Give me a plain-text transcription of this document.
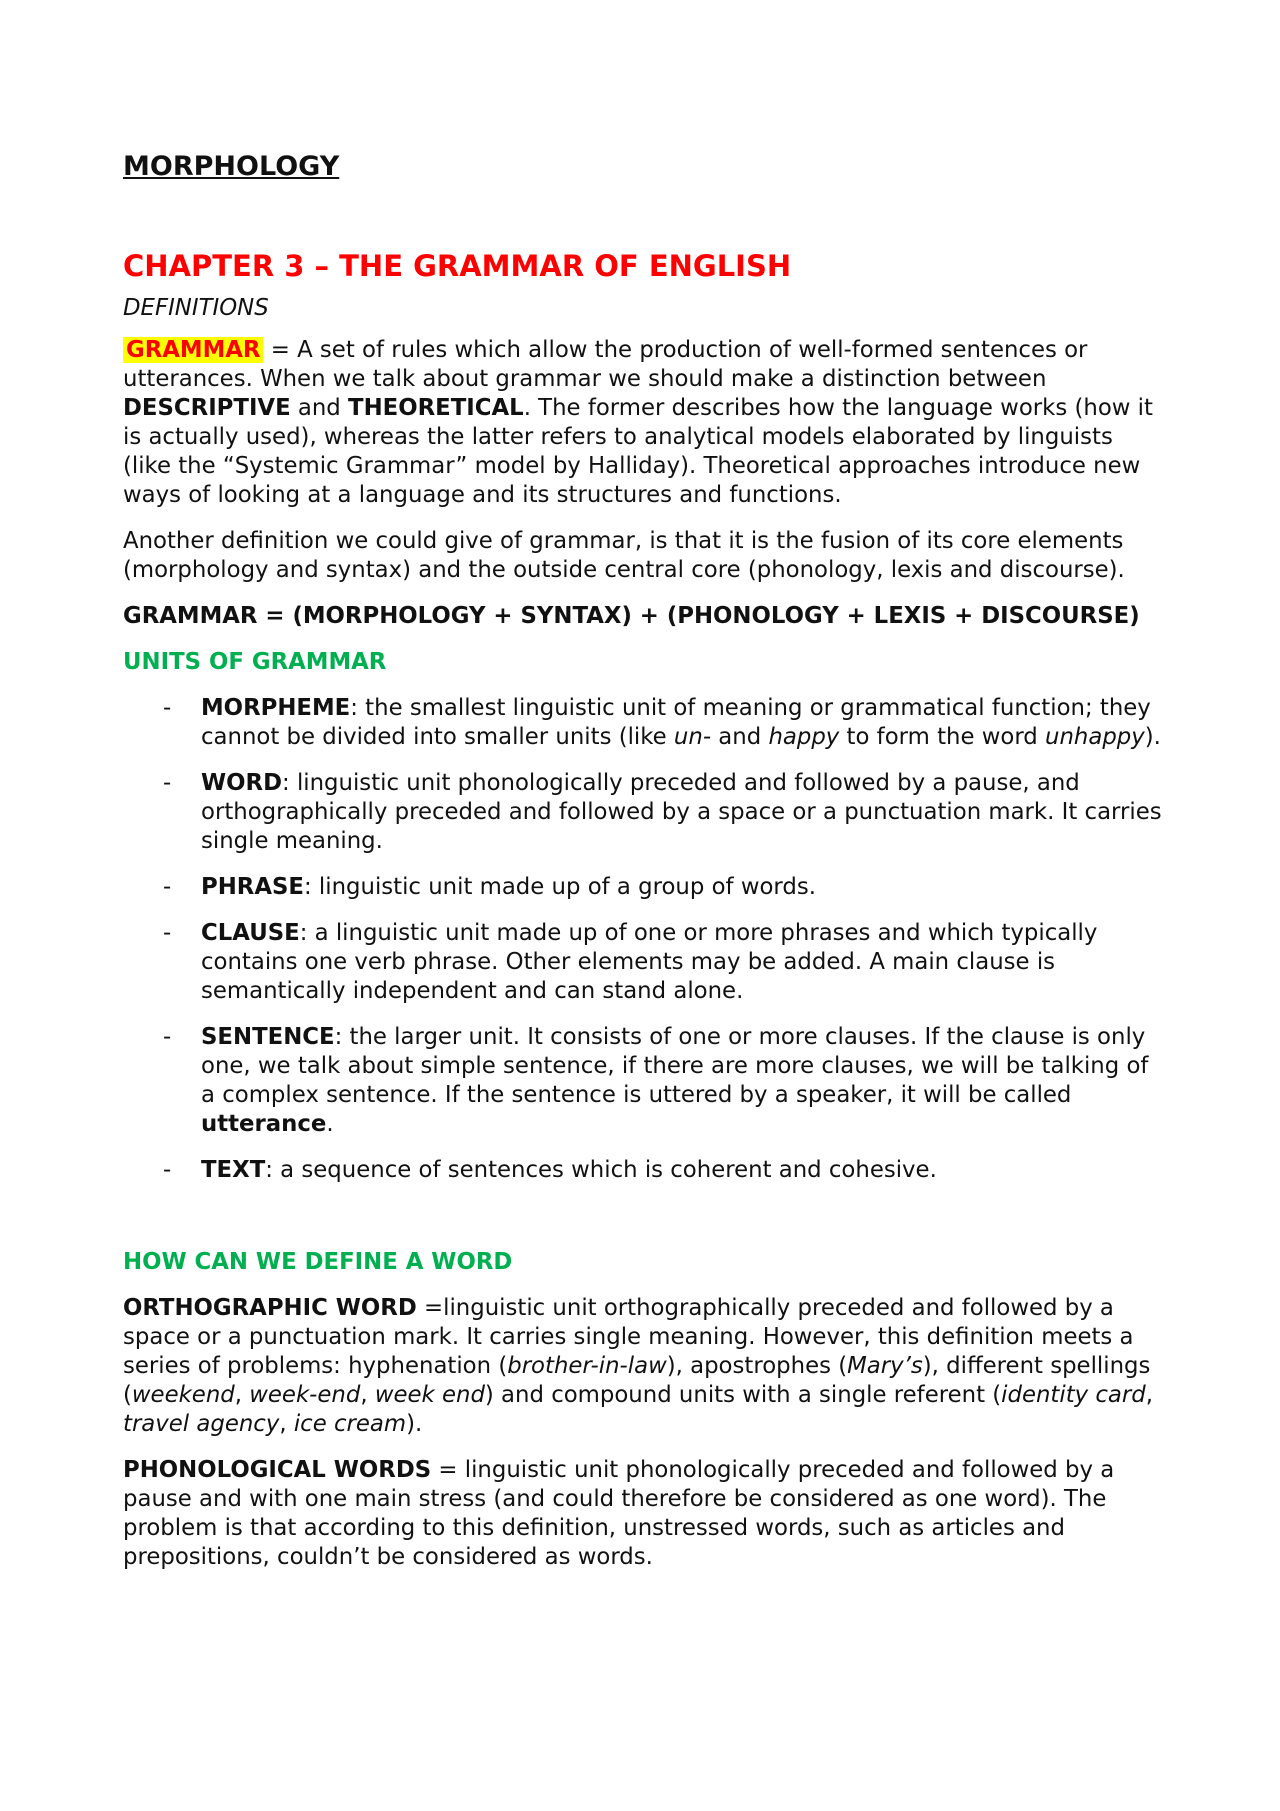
MORPHOLOGY

CHAPTER 3 – THE GRAMMAR OF ENGLISH

DEFINITIONS

GRAMMAR = A set of rules which allow the production of well-formed sentences or utterances. When we talk about grammar we should make a distinction between DESCRIPTIVE and THEORETICAL. The former describes how the language works (how it is actually used), whereas the latter refers to analytical models elaborated by linguists (like the “Systemic Grammar” model by Halliday). Theoretical approaches introduce new ways of looking at a language and its structures and functions.

Another definition we could give of grammar, is that it is the fusion of its core elements (morphology and syntax) and the outside central core (phonology, lexis and discourse).

GRAMMAR = (MORPHOLOGY + SYNTAX) + (PHONOLOGY + LEXIS + DISCOURSE)

UNITS OF GRAMMAR

- MORPHEME: the smallest linguistic unit of meaning or grammatical function; they cannot be divided into smaller units (like un- and happy to form the word unhappy).
- WORD: linguistic unit phonologically preceded and followed by a pause, and orthographically preceded and followed by a space or a punctuation mark. It carries single meaning.
- PHRASE: linguistic unit made up of a group of words.
- CLAUSE: a linguistic unit made up of one or more phrases and which typically contains one verb phrase. Other elements may be added. A main clause is semantically independent and can stand alone.
- SENTENCE: the larger unit. It consists of one or more clauses. If the clause is only one, we talk about simple sentence, if there are more clauses, we will be talking of a complex sentence. If the sentence is uttered by a speaker, it will be called utterance.
- TEXT: a sequence of sentences which is coherent and cohesive.

HOW CAN WE DEFINE A WORD

ORTHOGRAPHIC WORD =linguistic unit orthographically preceded and followed by a space or a punctuation mark. It carries single meaning. However, this definition meets a series of problems: hyphenation (brother-in-law), apostrophes (Mary’s), different spellings (weekend, week-end, week end) and compound units with a single referent (identity card, travel agency, ice cream).

PHONOLOGICAL WORDS = linguistic unit phonologically preceded and followed by a pause and with one main stress (and could therefore be considered as one word). The problem is that according to this definition, unstressed words, such as articles and prepositions, couldn’t be considered as words.
